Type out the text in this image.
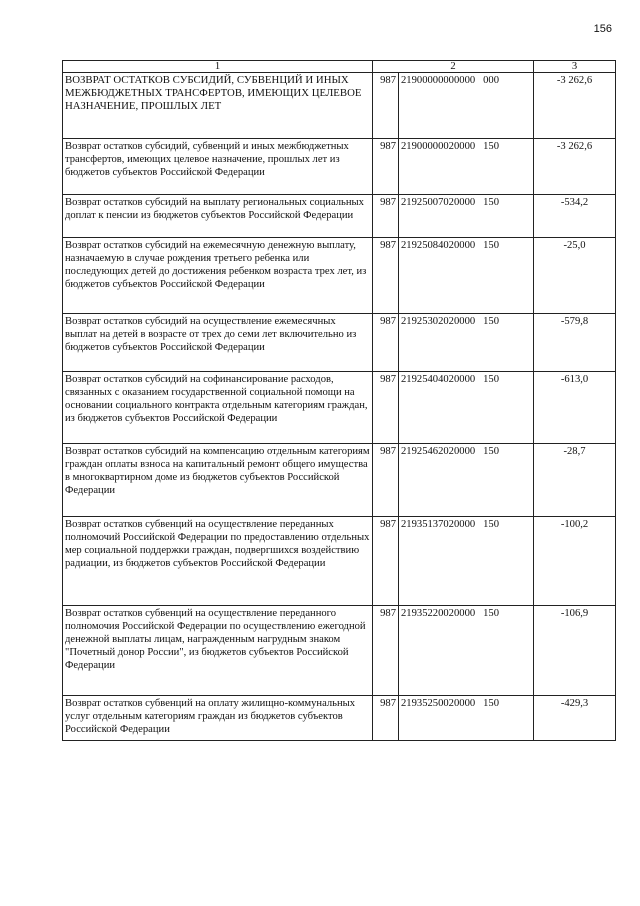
156
1	2		3
ВОЗВРАТ ОСТАТКОВ СУБСИДИЙ, СУБВЕНЦИЙ И ИНЫХ МЕЖБЮДЖЕТНЫХ ТРАНСФЕРТОВ, ИМЕЮЩИХ ЦЕЛЕВОЕ НАЗНАЧЕНИЕ, ПРОШЛЫХ ЛЕТ	987	21900000000000   000	-3 262,6
Возврат остатков субсидий, субвенций и иных межбюджетных трансфертов, имеющих целевое назначение, прошлых лет из бюджетов субъектов Российской Федерации	987	21900000020000   150	-3 262,6
Возврат остатков субсидий на выплату региональных социальных доплат к пенсии из бюджетов субъектов Российской Федерации	987	21925007020000   150	-534,2
Возврат остатков субсидий на ежемесячную денежную выплату, назначаемую в случае рождения третьего ребенка или последующих детей до достижения ребенком возраста трех лет, из бюджетов субъектов Российской Федерации	987	21925084020000   150	-25,0
Возврат остатков субсидий на осуществление ежемесячных выплат на детей в возрасте от трех до семи лет включительно из бюджетов субъектов Российской Федерации	987	21925302020000   150	-579,8
Возврат остатков субсидий на софинансирование расходов, связанных с оказанием государственной социальной помощи на основании социального контракта отдельным категориям граждан, из бюджетов субъектов Российской Федерации	987	21925404020000   150	-613,0
Возврат остатков субсидий на компенсацию отдельным категориям граждан оплаты взноса на капитальный ремонт общего имущества в многоквартирном доме из бюджетов субъектов Российской Федерации	987	21925462020000   150	-28,7
Возврат остатков субвенций на осуществление переданных полномочий Российской Федерации по предоставлению отдельных мер социальной поддержки граждан, подвергшихся воздействию радиации, из бюджетов субъектов Российской Федерации	987	21935137020000   150	-100,2
Возврат остатков субвенций на осуществление переданного полномочия Российской Федерации по осуществлению ежегодной денежной выплаты лицам, награжденным нагрудным знаком "Почетный донор России", из бюджетов субъектов Российской Федерации	987	21935220020000   150	-106,9
Возврат остатков субвенций на оплату жилищно-коммунальных услуг отдельным категориям граждан из бюджетов субъектов Российской Федерации	987	21935250020000   150	-429,3
